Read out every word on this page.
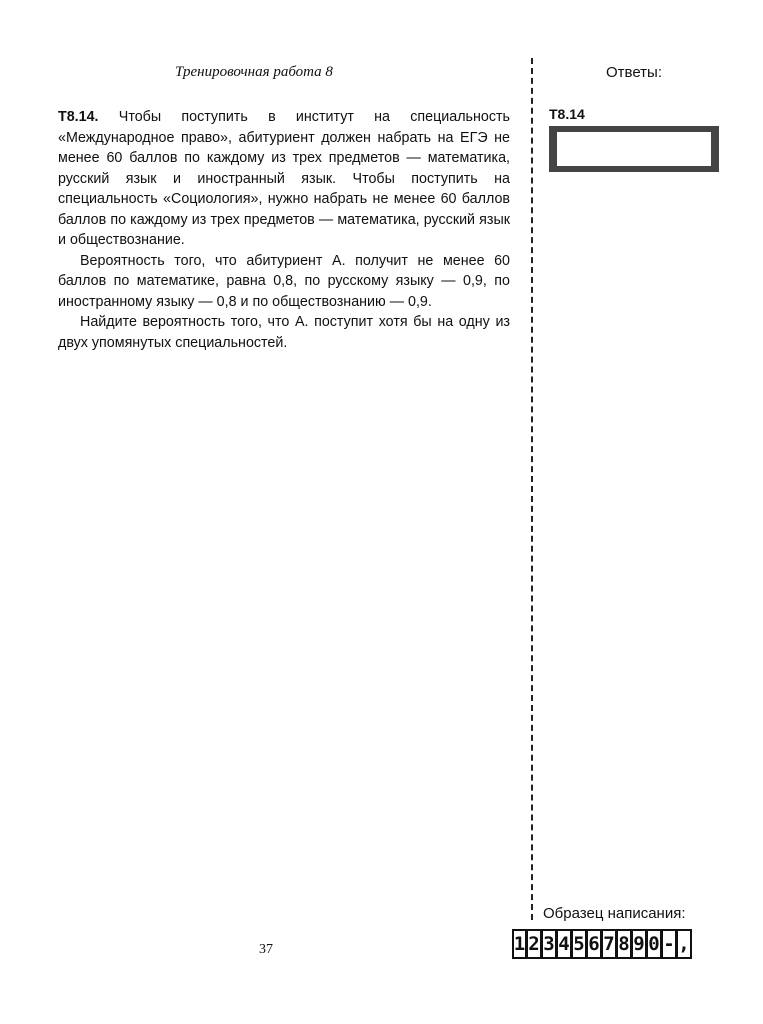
Тренировочная работа 8	Ответы:

Т8.14. Чтобы поступить в институт на специальность «Международное право», абитуриент должен набрать на ЕГЭ не менее 60 баллов по каждому из трех предметов — математика, русский язык и иностранный язык. Чтобы поступить на специальность «Социология», нужно набрать не менее 60 баллов баллов по каждому из трех предметов — математика, русский язык и обществознание.

Вероятность того, что абитуриент А. получит не менее 60 баллов по математике, равна 0,8, по русскому языку — 0,9, по иностранному языку — 0,8 и по обществознанию — 0,9.

Найдите вероятность того, что А. поступит хотя бы на одну из двух упомянутых специальностей.

Т8.14
37
Образец написания:
1 2 3 4 5 6 7 8 9 0 - ,
